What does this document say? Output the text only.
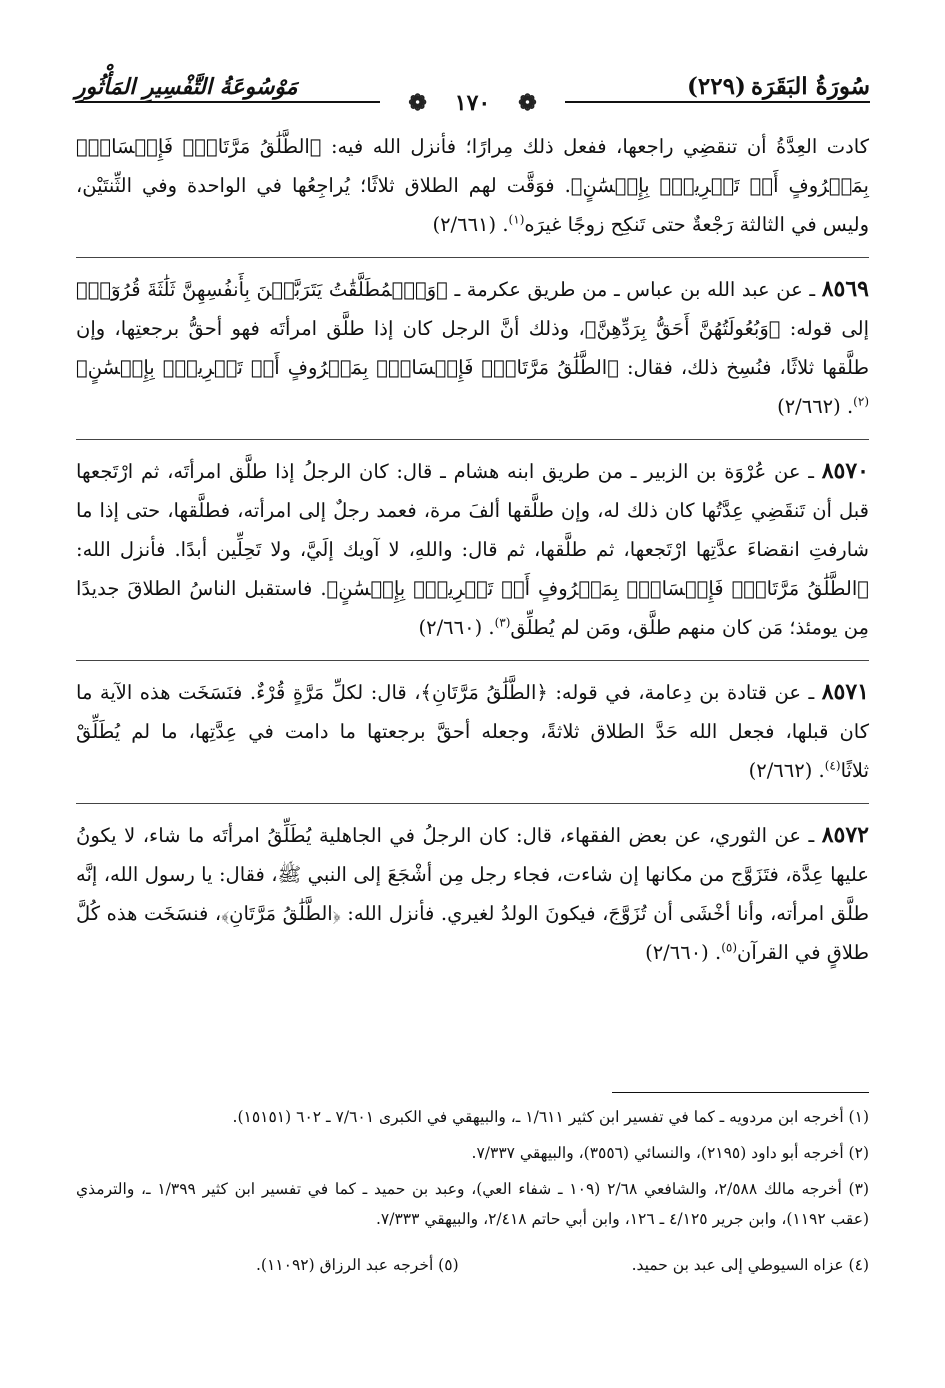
سُورَةُ البَقَرَة (٢٢٩)
مَوْسُوعَةُ التَّفْسِيرِ المَأْثُورِ
❁١٧٠❁

كادت العِدَّةُ أن تنقضِي راجعها، ففعل ذلك مِرارًا؛ فأنزل الله فيه: ﴿الطَّلَٰقُ مَرَّتَانِۖ فَإِمۡسَاكُۢ بِمَعۡرُوفٍ أَوۡ تَسۡرِيحُۢ بِإِحۡسَٰنٍ﴾. فوَقَّت لهم الطلاق ثلاثًا؛ يُراجِعُها في الواحدة وفي الثِّنتَيْن، وليس في الثالثة رَجْعةٌ حتى تَنكِح زوجًا غيرَه$^{(١)}$. (٢/٦٦١)

٨٥٦٩ ـ عن عبد الله بن عباس ـ من طريق عكرمة ـ ﴿وَٱلۡمُطَلَّقَٰتُ يَتَرَبَّصۡنَ بِأَنفُسِهِنَّ ثَلَٰثَةَ قُرُوٓءٖ﴾ إلى قوله: ﴿وَبُعُولَتُهُنَّ أَحَقُّ بِرَدِّهِنَّ﴾، وذلك أنَّ الرجل كان إذا طلَّق امرأتَه فهو أحقُّ برجعتِها، وإن طلَّقها ثلاثًا، فنُسِخ ذلك، فقال: ﴿الطَّلَٰقُ مَرَّتَانِۖ فَإِمۡسَاكُۢ بِمَعۡرُوفٍ أَوۡ تَسۡرِيحُۢ بِإِحۡسَٰنٍ﴾$^{(٢)}$. (٢/٦٦٢)

٨٥٧٠ ـ عن عُرْوَة بن الزبير ـ من طريق ابنه هشام ـ قال: كان الرجلُ إذا طلَّق امرأتَه، ثم ارْتَجعها قبل أن تَنقَضِي عِدَّتُها كان ذلك له، وإن طلَّقها ألفَ مرة، فعمد رجلٌ إلى امرأته، فطلَّقها، حتى إذا ما شارفتِ انقضاءَ عدَّتِها ارْتَجعها، ثم طلَّقها، ثم قال: واللهِ، لا آويك إلَيَّ، ولا تَحِلِّين أبدًا. فأنزل الله: ﴿الطَّلَٰقُ مَرَّتَانِۖ فَإِمۡسَاكُۢ بِمَعۡرُوفٍ أَوۡ تَسۡرِيحُۢ بِإِحۡسَٰنٍ﴾. فاستقبل الناسُ الطلاقَ جديدًا مِن يومئذ؛ مَن كان منهم طلَّق، ومَن لم يُطلِّق$^{(٣)}$. (٢/٦٦٠)

٨٥٧١ ـ عن قتادة بن دِعامة، في قوله: ﴿الطَّلَٰقُ مَرَّتَانِ﴾، قال: لكلِّ مَرَّةٍ قُرْءٌ. فنَسَخَت هذه الآية ما كان قبلها، فجعل الله حَدَّ الطلاق ثلاثةً، وجعله أحقَّ برجعتها ما دامت في عِدَّتِها، ما لم يُطَلِّقْ ثلاثًا$^{(٤)}$. (٢/٦٦٢)

٨٥٧٢ ـ عن الثوري، عن بعض الفقهاء، قال: كان الرجلُ في الجاهلية يُطَلِّقُ امرأتَه ما شاء، لا يكونُ عليها عِدَّة، فتَزَوَّج من مكانها إن شاءت، فجاء رجل مِن أشْجَعَ إلى النبي ﷺ، فقال: يا رسول الله، إنَّه طلَّق امرأته، وأنا أخْشَى أن تُزَوَّجَ، فيكونَ الولدُ لغيري. فأنزل الله: ﴿الطَّلَٰقُ مَرَّتَانِ﴾، فنسَخَت هذه كُلَّ طلاقٍ في القرآن$^{(٥)}$. (٢/٦٦٠)

(١) أخرجه ابن مردويه ـ كما في تفسير ابن كثير ١/٦١١ ـ، والبيهقي في الكبرى ٧/٦٠١ ـ ٦٠٢ (١٥١٥١).

(٢) أخرجه أبو داود (٢١٩٥)، والنسائي (٣٥٥٦)، والبيهقي ٧/٣٣٧.

(٣) أخرجه مالك ٢/٥٨٨، والشافعي ٢/٦٨ (١٠٩ ـ شفاء العي)، وعبد بن حميد ـ كما في تفسير ابن كثير ١/٣٩٩ ـ، والترمذي (عقب ١١٩٢)، وابن جرير ٤/١٢٥ ـ ١٢٦، وابن أبي حاتم ٢/٤١٨، والبيهقي ٧/٣٣٣.

(٤) عزاه السيوطي إلى عبد بن حميد.
(٥) أخرجه عبد الرزاق (١١٠٩٢).
